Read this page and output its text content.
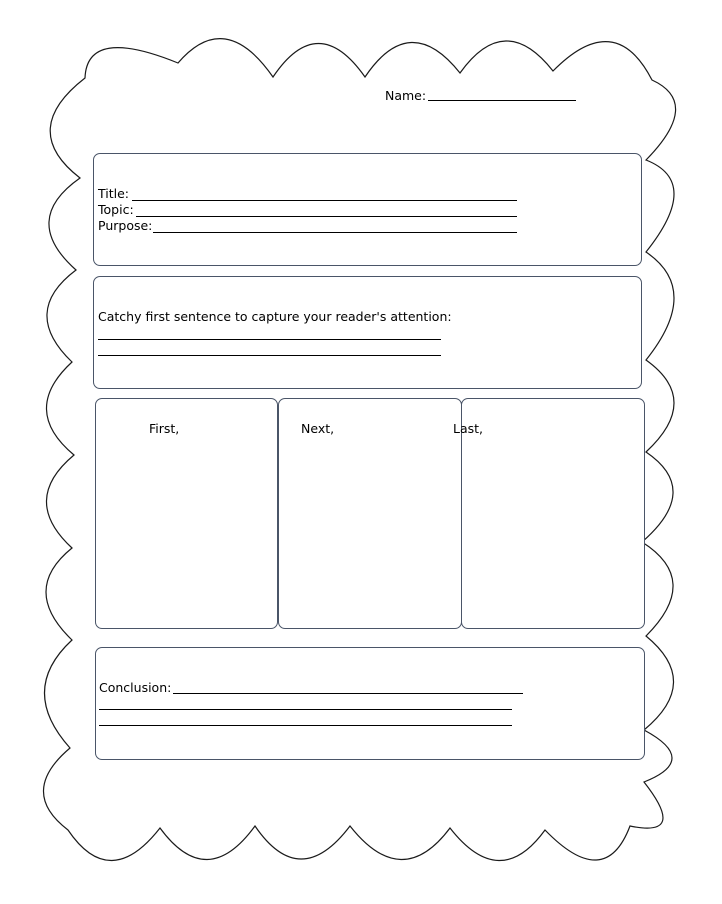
Name:
Title:
Topic:
Purpose:
Catchy first sentence to capture your reader's attention:
First,	Next,	Last,
Conclusion:
